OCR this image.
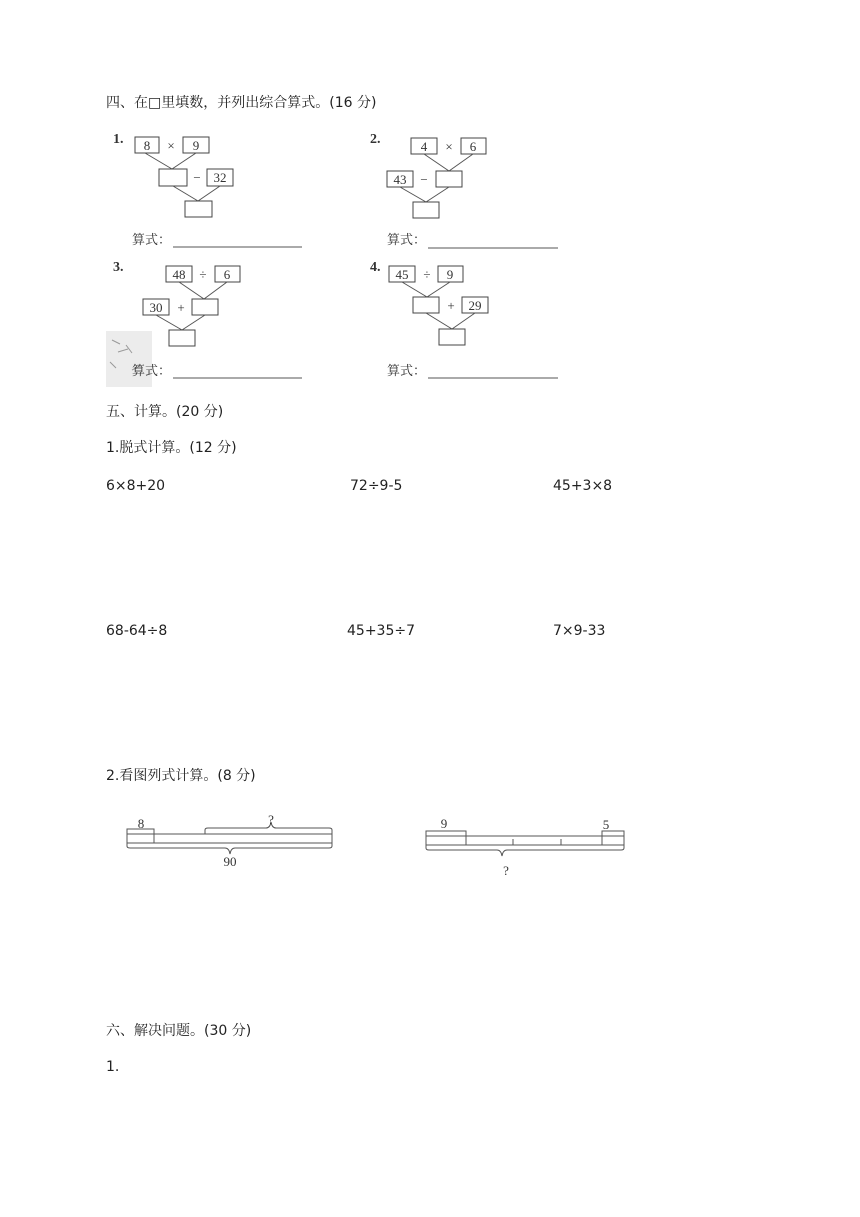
四、在□里填数，并列出综合算式。(16 分)
1. 8 × 9
− 32
算式：
2.	4 × 6
43 −
算式：
3.	48 ÷ 6
30 +
算式：
4. 45 ÷ 9
+ 29
算式：
五、计算。(20 分)
1.脱式计算。(12 分)
6×8+20	72÷9-5	45+3×8
68-64÷8	45+35÷7	7×9-33
2.看图列式计算。(8 分)
8	?
90
9	5
?
六、解决问题。(30 分)
1.
